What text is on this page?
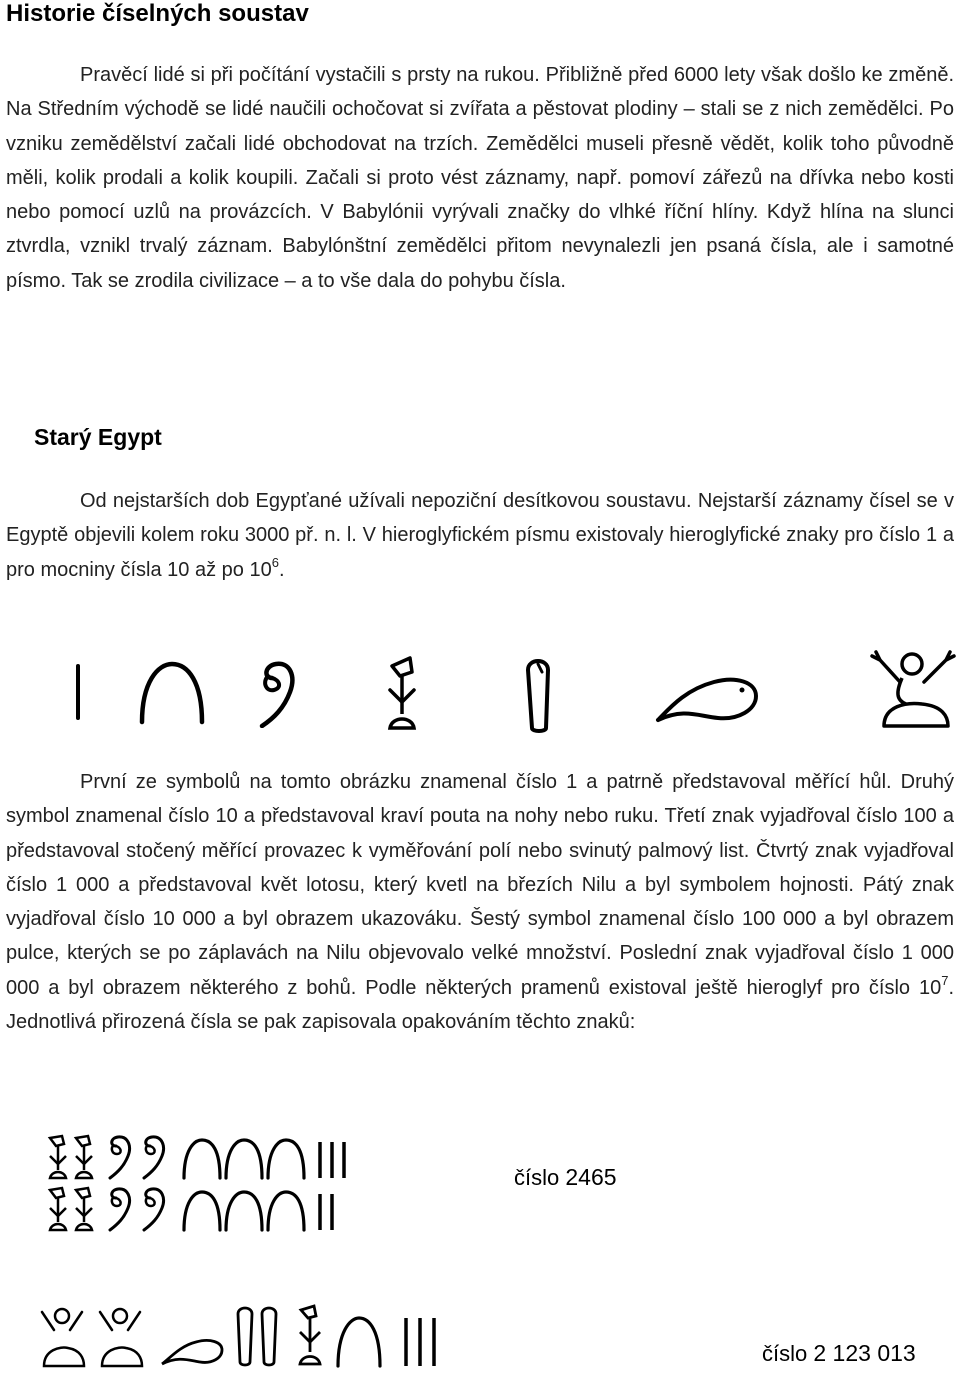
Historie číselných soustav
Pravěcí lidé si při počítání vystačili s prsty na rukou. Přibližně před 6000 lety však došlo ke změně. Na Středním východě se lidé naučili ochočovat si zvířata a pěstovat plodiny – stali se z nich zemědělci. Po vzniku zemědělství začali lidé obchodovat na trzích. Zemědělci museli přesně vědět, kolik toho původně měli, kolik prodali a kolik koupili. Začali si proto vést záznamy, např. pomoví zářezů na dřívka nebo kosti nebo pomocí uzlů na provázcích. V Babylónii vyrývali značky do vlhké říční hlíny. Když hlína na slunci ztvrdla, vznikl trvalý záznam. Babylónštní zemědělci přitom nevynalezli jen psaná čísla, ale i samotné písmo. Tak se zrodila civilizace – a to vše dala do pohybu čísla.
Starý Egypt
Od nejstarších dob Egypťané užívali nepoziční desítkovou soustavu. Nejstarší záznamy čísel se v Egyptě objevili kolem roku 3000 př. n. l. V hieroglyfickém písmu existovaly hieroglyfické znaky pro číslo 1 a pro mocniny čísla 10 až po $10^6$.
První ze symbolů na tomto obrázku znamenal číslo 1 a patrně představoval měřící hůl. Druhý symbol znamenal číslo 10 a představoval kraví pouta na nohy nebo ruku. Třetí znak vyjadřoval číslo 100 a představoval stočený měřící provazec k vyměřování polí nebo svinutý palmový list. Čtvrtý znak vyjadřoval číslo 1 000 a představoval květ lotosu, který kvetl na březích Nilu a byl symbolem hojnosti. Pátý znak vyjadřoval číslo 10 000 a byl obrazem ukazováku. Šestý symbol znamenal číslo 100 000 a byl obrazem pulce, kterých se po záplavách na Nilu objevovalo velké množství. Poslední znak vyjadřoval číslo 1 000 000 a byl obrazem některého z bohů. Podle některých pramenů existoval ještě hieroglyf pro číslo $10^7$. Jednotlivá přirozená čísla se pak zapisovala opakováním těchto znaků:
číslo 2465
číslo 2 123 013
